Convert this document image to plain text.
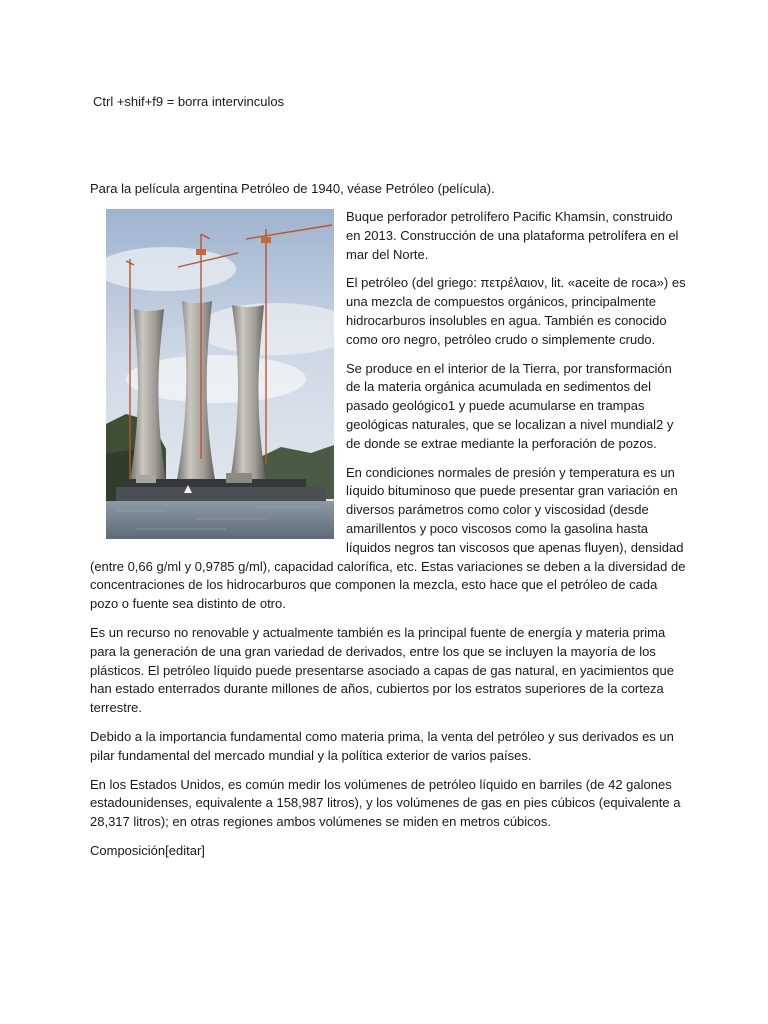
Ctrl +shif+f9 = borra intervinculos

Para la película argentina Petróleo de 1940, véase Petróleo (película).

Buque perforador petrolífero Pacific Khamsin, construido en 2013. Construcción de una plataforma petrolífera en el mar del Norte.

El petróleo (del griego: πετρέλαιον, lit. «aceite de roca») es una mezcla de compuestos orgánicos, principalmente hidrocarburos insolubles en agua. También es conocido como oro negro, petróleo crudo o simplemente crudo.

Se produce en el interior de la Tierra, por transformación de la materia orgánica acumulada en sedimentos del pasado geológico1 y puede acumularse en trampas geológicas naturales, que se localizan a nivel mundial2 y de donde se extrae mediante la perforación de pozos.

En condiciones normales de presión y temperatura es un líquido bituminoso que puede presentar gran variación en diversos parámetros como color y viscosidad (desde amarillentos y poco viscosos como la gasolina hasta líquidos negros tan viscosos que apenas fluyen), densidad (entre 0,66 g/ml y 0,9785 g/ml), capacidad calorífica, etc. Estas variaciones se deben a la diversidad de concentraciones de los hidrocarburos que componen la mezcla, esto hace que el petróleo de cada pozo o fuente sea distinto de otro.

Es un recurso no renovable y actualmente también es la principal fuente de energía y materia prima para la generación de una gran variedad de derivados, entre los que se incluyen la mayoría de los plásticos. El petróleo líquido puede presentarse asociado a capas de gas natural, en yacimientos que han estado enterrados durante millones de años, cubiertos por los estratos superiores de la corteza terrestre.

Debido a la importancia fundamental como materia prima, la venta del petróleo y sus derivados es un pilar fundamental del mercado mundial y la política exterior de varios países.

En los Estados Unidos, es común medir los volúmenes de petróleo líquido en barriles (de 42 galones estadounidenses, equivalente a 158,987 litros), y los volúmenes de gas en pies cúbicos (equivalente a 28,317 litros); en otras regiones ambos volúmenes se miden en metros cúbicos.

Composición[editar]
